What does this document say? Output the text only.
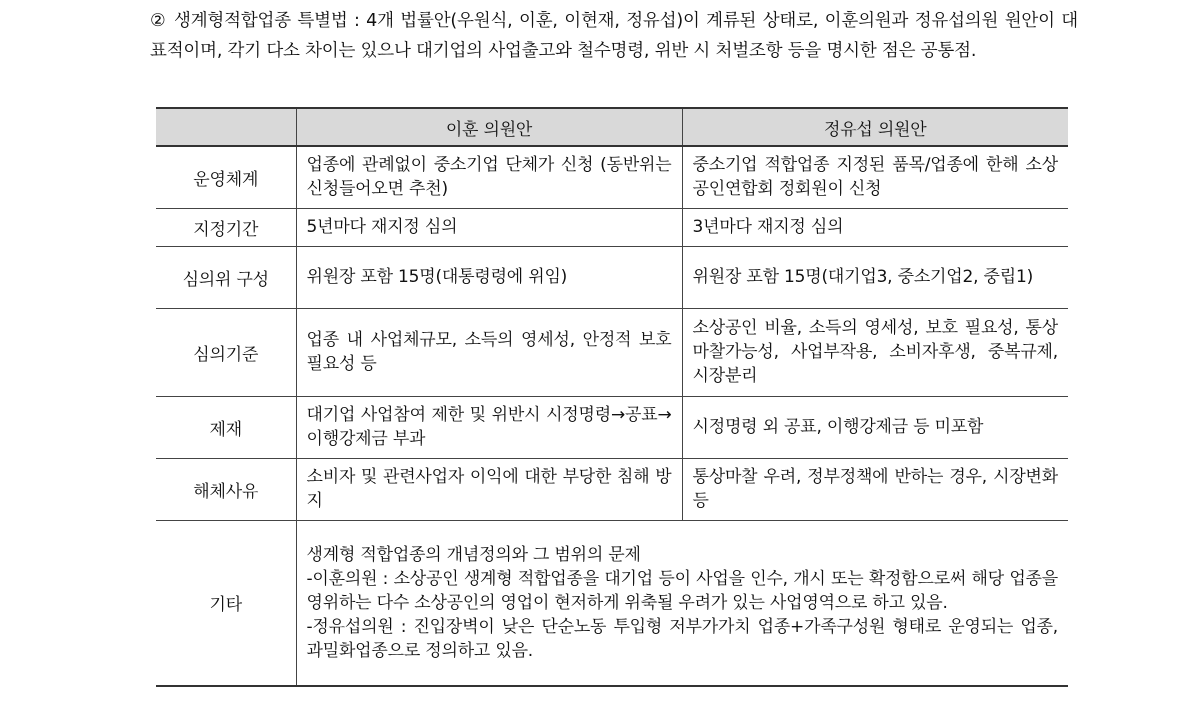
② 생계형적합업종 특별법 : 4개 법률안(우원식, 이훈, 이현재, 정유섭)이 계류된 상태로, 이훈의원과 정유섭의원 원안이 대표적이며, 각기 다소 차이는 있으나 대기업의 사업출고와 철수명령, 위반 시 처벌조항 등을 명시한 점은 공통점.
	이훈 의원안	정유섭 의원안
운영체계	업종에 관례없이 중소기업 단체가 신청 (동반위는 신청들어오면 추천)	중소기업 적합업종 지정된 품목/업종에 한해 소상공인연합회 정회원이 신청
지정기간	5년마다 재지정 심의	3년마다 재지정 심의
심의위 구성	위원장 포함 15명(대통령령에 위임)	위원장 포함 15명(대기업3, 중소기업2, 중립1)
심의기준	업종 내 사업체규모, 소득의 영세성, 안정적 보호 필요성 등	소상공인 비율, 소득의 영세성, 보호 필요성, 통상마찰가능성, 사업부작용, 소비자후생, 중복규제, 시장분리
제재	대기업 사업참여 제한 및 위반시 시정명령→공표→이행강제금 부과	시정명령 외 공표, 이행강제금 등 미포함
해체사유	소비자 및 관련사업자 이익에 대한 부당한 침해 방지	통상마찰 우려, 정부정책에 반하는 경우, 시장변화 등
기타	생계형 적합업종의 개념정의와 그 범위의 문제
-이훈의원 : 소상공인 생계형 적합업종을 대기업 등이 사업을 인수, 개시 또는 확정함으로써 해당 업종을 영위하는 다수 소상공인의 영업이 현저하게 위축될 우려가 있는 사업영역으로 하고 있음.
-정유섭의원 : 진입장벽이 낮은 단순노동 투입형 저부가가치 업종+가족구성원 형태로 운영되는 업종, 과밀화업종으로 정의하고 있음.	
